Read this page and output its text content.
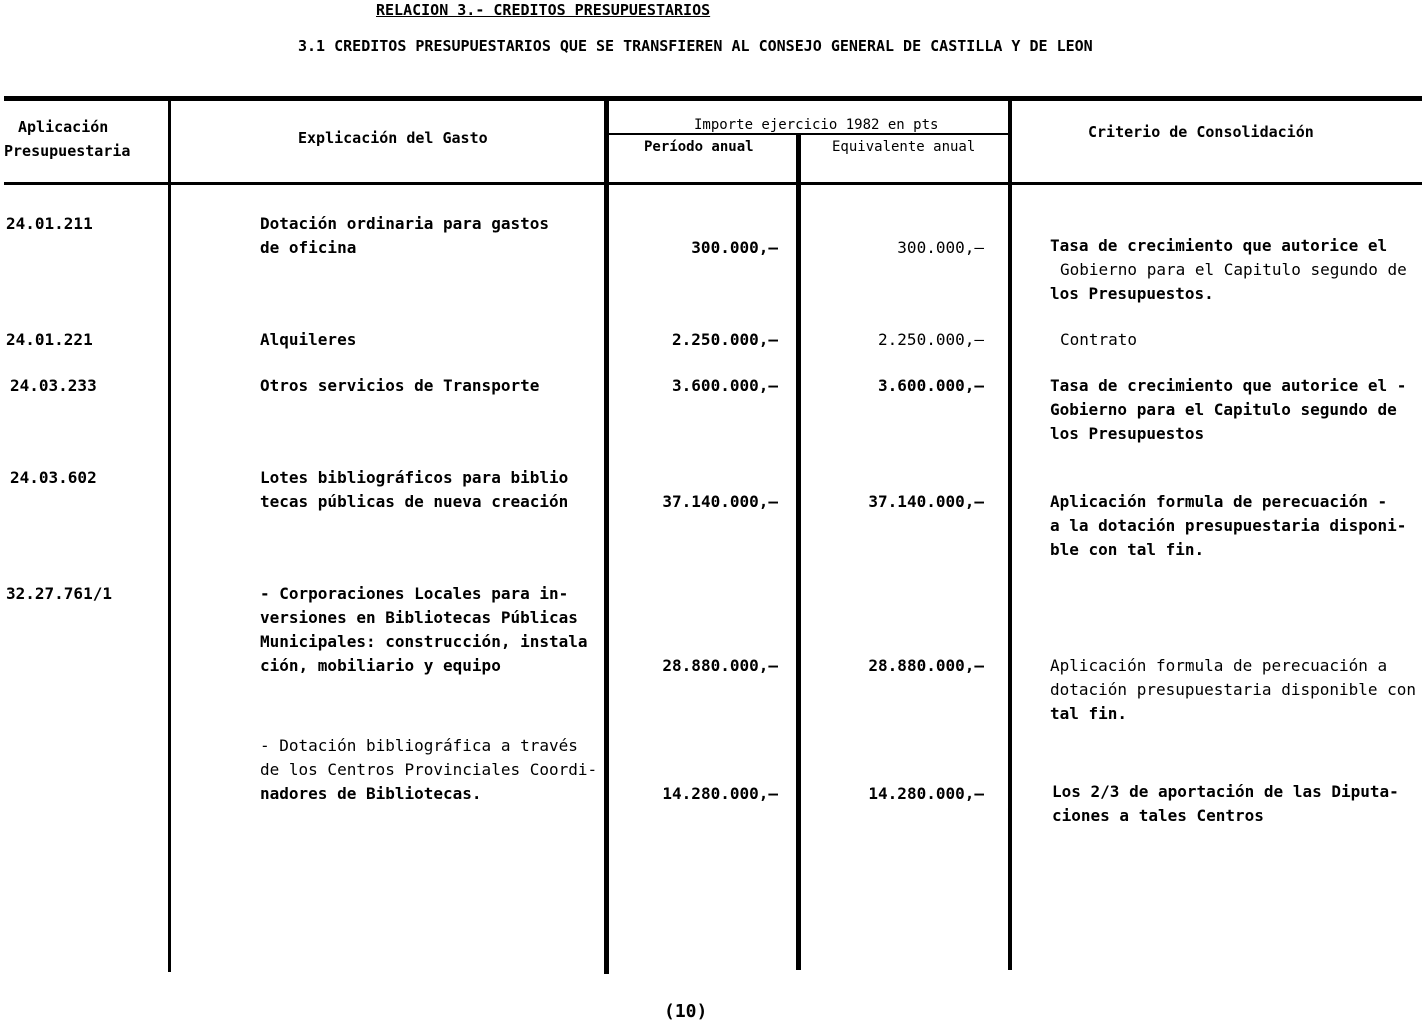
RELACION 3.- CREDITOS PRESUPUESTARIOS
3.1 CREDITOS PRESUPUESTARIOS QUE SE TRANSFIEREN AL CONSEJO GENERAL DE CASTILLA Y DE LEON
Aplicación
Presupuestaria
Explicación del Gasto
Importe ejercicio 1982 en pts
Período anual	Equivalente anual
Criterio de Consolidación
24.01.211	Dotación ordinaria para gastos
de oficina	300.000,—	300.000,—	Tasa de crecimiento que autorice el
Gobierno para el Capitulo segundo de
los Presupuestos.
24.01.221	Alquileres	2.250.000,—	2.250.000,—	Contrato
24.03.233	Otros servicios de Transporte	3.600.000,—	3.600.000,—	Tasa de crecimiento que autorice el -
Gobierno para el Capitulo segundo de
los Presupuestos
24.03.602	Lotes bibliográficos para biblio
tecas públicas de nueva creación	37.140.000,—	37.140.000,—	Aplicación formula de perecuación -
a la dotación presupuestaria disponi-
ble con tal fin.
32.27.761/1	- Corporaciones Locales para in-
versiones en Bibliotecas Públicas
Municipales: construcción, instala
ción, mobiliario y equipo	28.880.000,—	28.880.000,—	Aplicación formula de perecuación a
dotación presupuestaria disponible con
tal fin.
- Dotación bibliográfica a través
de los Centros Provinciales Coordi-
nadores de Bibliotecas.	14.280.000,—	14.280.000,—	Los 2/3 de aportación de las Diputa-
ciones a tales Centros
(10)
